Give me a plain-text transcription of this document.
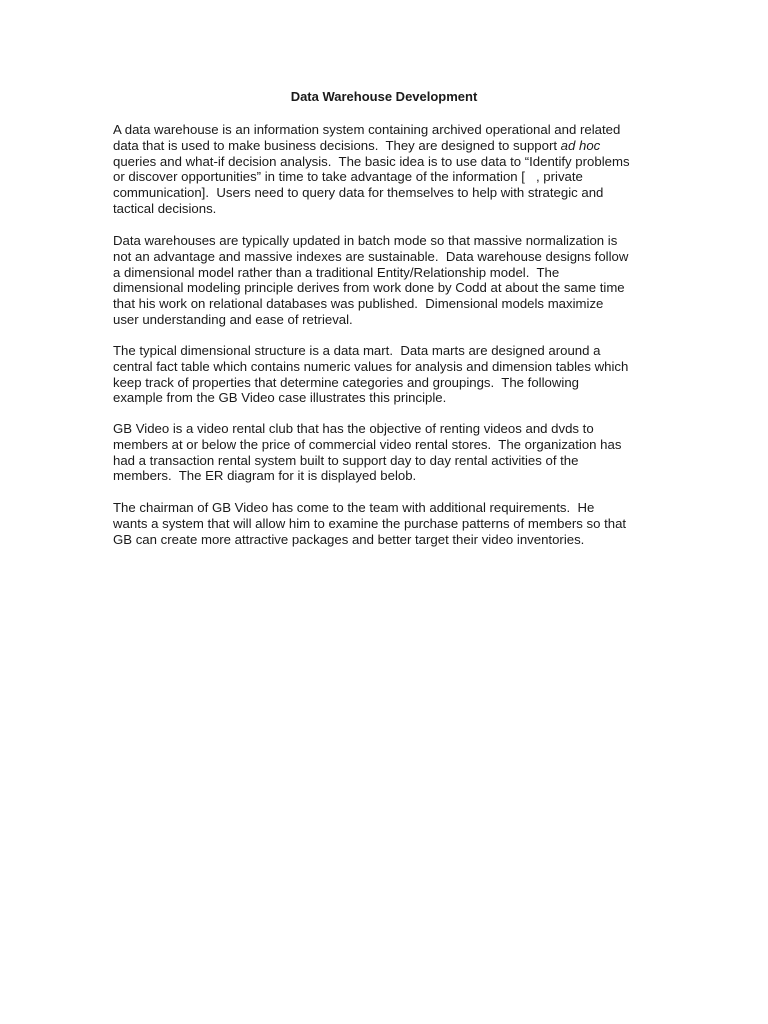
Data Warehouse Development

A data warehouse is an information system containing archived operational and related
data that is used to make business decisions.  They are designed to support ad hoc
queries and what-if decision analysis.  The basic idea is to use data to “Identify problems
or discover opportunities” in time to take advantage of the information [   , private
communication].  Users need to query data for themselves to help with strategic and
tactical decisions.

Data warehouses are typically updated in batch mode so that massive normalization is
not an advantage and massive indexes are sustainable.  Data warehouse designs follow
a dimensional model rather than a traditional Entity/Relationship model.  The
dimensional modeling principle derives from work done by Codd at about the same time
that his work on relational databases was published.  Dimensional models maximize
user understanding and ease of retrieval.

The typical dimensional structure is a data mart.  Data marts are designed around a
central fact table which contains numeric values for analysis and dimension tables which
keep track of properties that determine categories and groupings.  The following
example from the GB Video case illustrates this principle.

GB Video is a video rental club that has the objective of renting videos and dvds to
members at or below the price of commercial video rental stores.  The organization has
had a transaction rental system built to support day to day rental activities of the
members.  The ER diagram for it is displayed belob.

The chairman of GB Video has come to the team with additional requirements.  He
wants a system that will allow him to examine the purchase patterns of members so that
GB can create more attractive packages and better target their video inventories.
